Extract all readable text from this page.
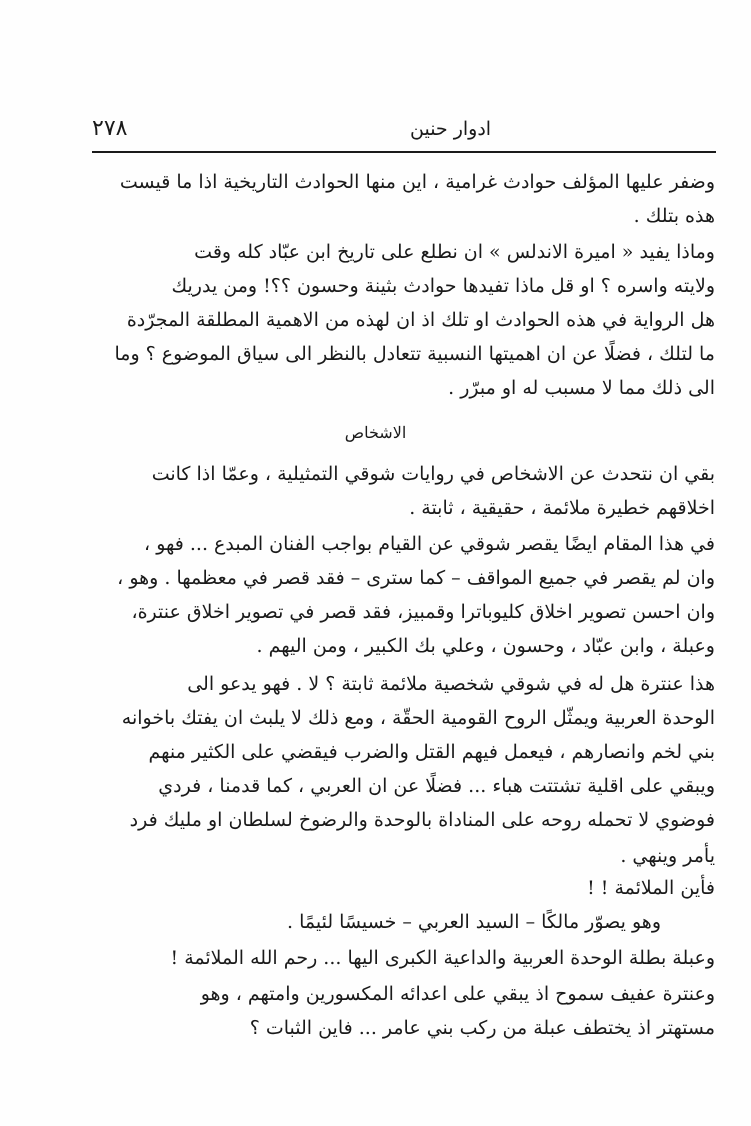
٢٧٨	ادوار حنين
وضفر عليها المؤلف حوادث غرامية ، اين منها الحوادث التاريخية اذا ما قيست
هذه بتلك .
وماذا يفيد « اميرة الاندلس » ان نطلع على تاريخ ابن عبّاد كله وقت
ولايته واسره ؟ او قل ماذا تفيدها حوادث بثينة وحسون ؟؟! ومن يدريك
هل الرواية في هذه الحوادث او تلك اذ ان لهذه من الاهمية المطلقة المجرّدة
ما لتلك ، فضلًا عن ان اهميتها النسبية تتعادل بالنظر الى سياق الموضوع ؟ وما
الى ذلك مما لا مسبب له او مبرّر .
الاشخاص
بقي ان نتحدث عن الاشخاص في روايات شوقي التمثيلية ، وعمّا اذا كانت
اخلاقهم خطيرة ملائمة ، حقيقية ، ثابتة .
في هذا المقام ايضًا يقصر شوقي عن القيام بواجب الفنان المبدع ... فهو ،
وان لم يقصر في جميع المواقف – كما سترى – فقد قصر في معظمها . وهو ،
وان احسن تصوير اخلاق كليوباترا وقمبيز، فقد قصر في تصوير اخلاق عنترة،
وعبلة ، وابن عبّاد ، وحسون ، وعلي بك الكبير ، ومن اليهم .
هذا عنترة هل له في شوقي شخصية ملائمة ثابتة ؟ لا . فهو يدعو الى
الوحدة العربية ويمثّل الروح القومية الحقّة ، ومع ذلك لا يلبث ان يفتك باخوانه
بني لخم وانصارهم ، فيعمل فيهم القتل والضرب فيقضي على الكثير منهم
ويبقي على اقلية تشتتت هباء ... فضلًا عن ان العربي ، كما قدمنا ، فردي
فوضوي لا تحمله روحه على المناداة بالوحدة والرضوخ لسلطان او مليك فرد
يأمر وينهي .
فأين الملائمة ! !
وهو يصوّر مالكًا – السيد العربي – خسيسًا لئيمًا .
وعبلة بطلة الوحدة العربية والداعية الكبرى اليها ... رحم الله الملائمة !
وعنترة عفيف سموح اذ يبقي على اعدائه المكسورين وامتهم ، وهو
مستهتر اذ يختطف عبلة من ركب بني عامر ... فاين الثبات ؟
